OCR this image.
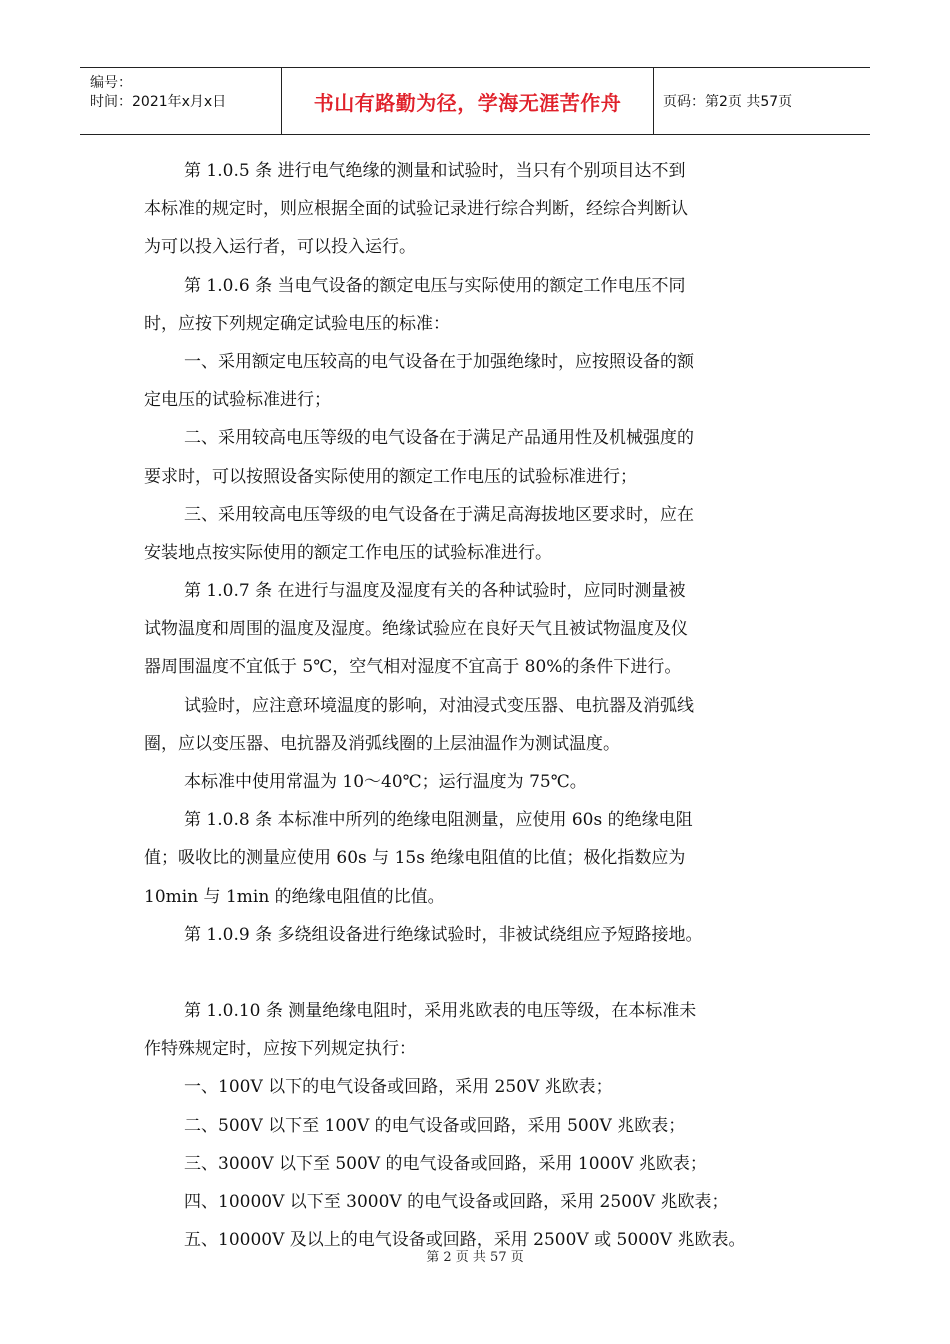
编号：
时间：2021年x月x日	书山有路勤为径，学海无涯苦作舟	页码：第2页 共57页
第 1.0.5 条 进行电气绝缘的测量和试验时，当只有个别项目达不到
本标准的规定时，则应根据全面的试验记录进行综合判断，经综合判断认
为可以投入运行者，可以投入运行。
第 1.0.6 条 当电气设备的额定电压与实际使用的额定工作电压不同
时，应按下列规定确定试验电压的标准：
一、采用额定电压较高的电气设备在于加强绝缘时，应按照设备的额
定电压的试验标准进行；
二、采用较高电压等级的电气设备在于满足产品通用性及机械强度的
要求时，可以按照设备实际使用的额定工作电压的试验标准进行；
三、采用较高电压等级的电气设备在于满足高海拔地区要求时，应在
安装地点按实际使用的额定工作电压的试验标准进行。
第 1.0.7 条 在进行与温度及湿度有关的各种试验时，应同时测量被
试物温度和周围的温度及湿度。绝缘试验应在良好天气且被试物温度及仪
器周围温度不宜低于 5℃，空气相对湿度不宜高于 80%的条件下进行。
试验时，应注意环境温度的影响，对油浸式变压器、电抗器及消弧线
圈，应以变压器、电抗器及消弧线圈的上层油温作为测试温度。
本标准中使用常温为 10～40℃；运行温度为 75℃。
第 1.0.8 条 本标准中所列的绝缘电阻测量，应使用 60s 的绝缘电阻
值；吸收比的测量应使用 60s 与 15s 绝缘电阻值的比值；极化指数应为
10min 与 1min 的绝缘电阻值的比值。
第 1.0.9 条 多绕组设备进行绝缘试验时，非被试绕组应予短路接地。
第 1.0.10 条 测量绝缘电阻时，采用兆欧表的电压等级，在本标准未
作特殊规定时，应按下列规定执行：
一、100V 以下的电气设备或回路，采用 250V 兆欧表；
二、500V 以下至 100V 的电气设备或回路，采用 500V 兆欧表；
三、3000V 以下至 500V 的电气设备或回路，采用 1000V 兆欧表；
四、10000V 以下至 3000V 的电气设备或回路，采用 2500V 兆欧表；
五、10000V 及以上的电气设备或回路，采用 2500V 或 5000V 兆欧表。
第 2 页 共 57 页
